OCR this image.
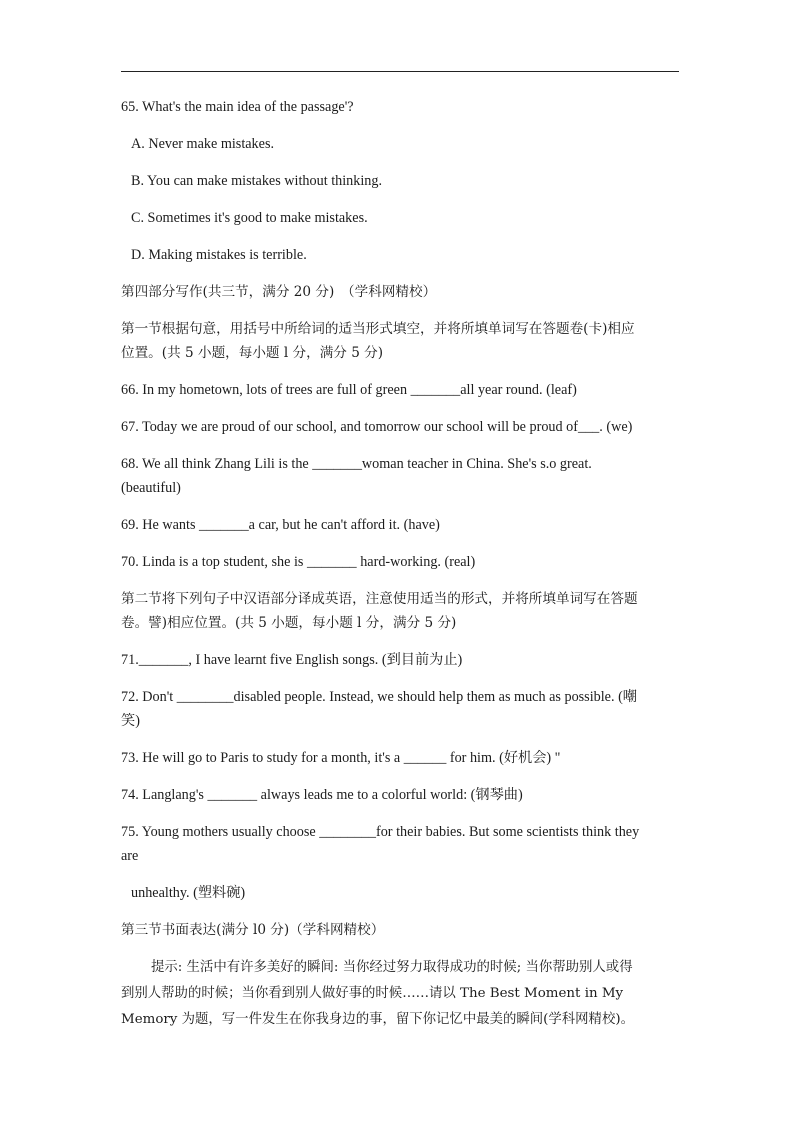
65. What's the main idea of the passage'?
A. Never make mistakes.
B. You can make mistakes without thinking.
C. Sometimes it's good to make mistakes.
D. Making mistakes is terrible.
第四部分写作(共三节，满分 20 分)　（学科网精校）
第一节根据句意，用括号中所给词的适当形式填空，并将所填单词写在答题卷(卡)相应
位置。(共 5 小题，每小题 l 分，满分 5 分)
66. In my hometown, lots of trees are full of green _______all year round. (leaf)
67. Today we are proud of our school, and tomorrow our school will be proud of___. (we)
68. We all think Zhang Lili is the _______woman teacher in China. She's s.o great.
(beautiful)
69. He wants _______a car, but he can't afford it. (have)
70. Linda is a top student, she is _______ hard-working. (real)
第二节将下列句子中汉语部分译成英语，注意使用适当的形式，并将所填单词写在答题
卷。譬)相应位置。(共 5 小题，每小题 l 分，满分 5 分)
71._______, I have learnt five English songs. (到目前为止)
72. Don't ________disabled people. Instead, we should help them as much as possible. (嘲
笑)
73. He will go to Paris to study for a month, it's a ______ for him. (好机会) "
74. Langlang's _______ always leads me to a colorful world: (钢琴曲)
75. Young mothers usually choose ________for their babies. But some scientists think they
are
unhealthy. (塑料碗)
第三节书面表达(满分 l0 分)（学科网精校）
提示: 生活中有许多美好的瞬间: 当你经过努力取得成功的时候; 当你帮助别人或得
到别人帮助的时候；当你看到别人做好事的时候……请以 The Best Moment in My
Memory 为题，写一件发生在你我身边的事，留下你记忆中最美的瞬间(学科网精校)。
